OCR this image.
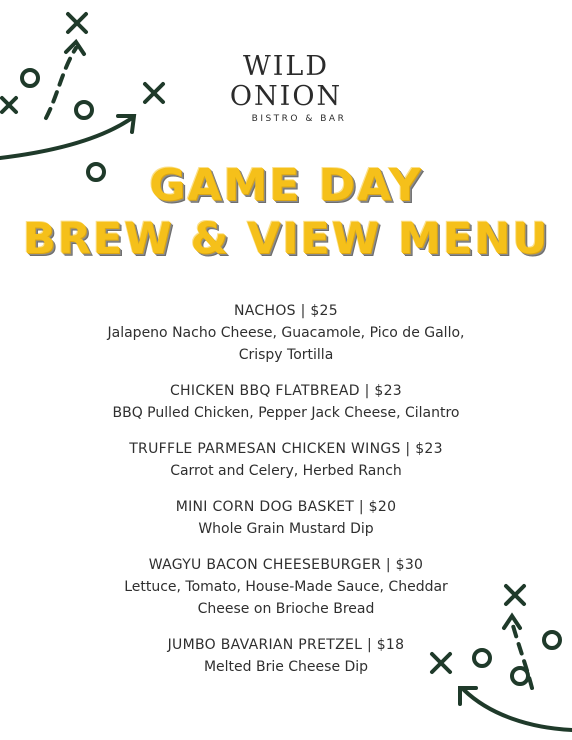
WILD
ONION
BISTRO & BAR
GAME DAY
BREW & VIEW MENU
NACHOS | $25
Jalapeno Nacho Cheese, Guacamole, Pico de Gallo,
Crispy Tortilla
CHICKEN BBQ FLATBREAD | $23
BBQ Pulled Chicken, Pepper Jack Cheese, Cilantro
TRUFFLE PARMESAN CHICKEN WINGS | $23
Carrot and Celery, Herbed Ranch
MINI CORN DOG BASKET | $20
Whole Grain Mustard Dip
WAGYU BACON CHEESEBURGER | $30
Lettuce, Tomato, House-Made Sauce, Cheddar
Cheese on Brioche Bread
JUMBO BAVARIAN PRETZEL | $18
Melted Brie Cheese Dip
